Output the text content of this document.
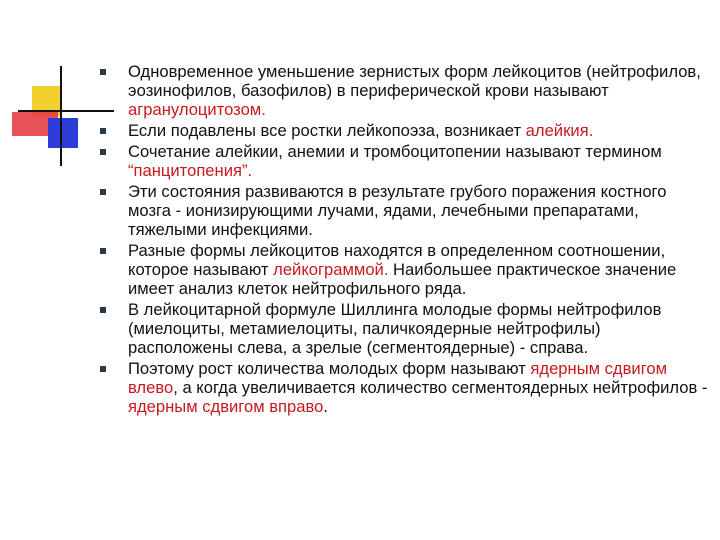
Одновременное уменьшение зернистых форм лейкоцитов (нейтрофилов, эозинофилов, базофилов) в периферической крови называют агранулоцитозом.
Если подавлены все ростки лейкопоэза, возникает алейкия.
Сочетание алейкии, анемии и тромбоцитопении называют термином “панцитопения”.
Эти состояния развиваются в результате грубого поражения костного мозга - ионизирующими лучами, ядами, лечебными препаратами, тяжелыми инфекциями.
Разные формы лейкоцитов находятся в определенном соотношении, которое называют лейкограммой. Наибольшее практическое значение имеет анализ клеток нейтрофильного ряда.
В лейкоцитарной формуле Шиллинга молодые формы нейтрофилов (миелоциты, метамиелоциты, паличкоядерные нейтрофилы) расположены слева, а зрелые (сегментоядерные) - справа.
Поэтому рост количества молодых форм называют ядерным сдвигом влево, а когда увеличивается количество сегментоядерных нейтрофилов - ядерным сдвигом вправо.
